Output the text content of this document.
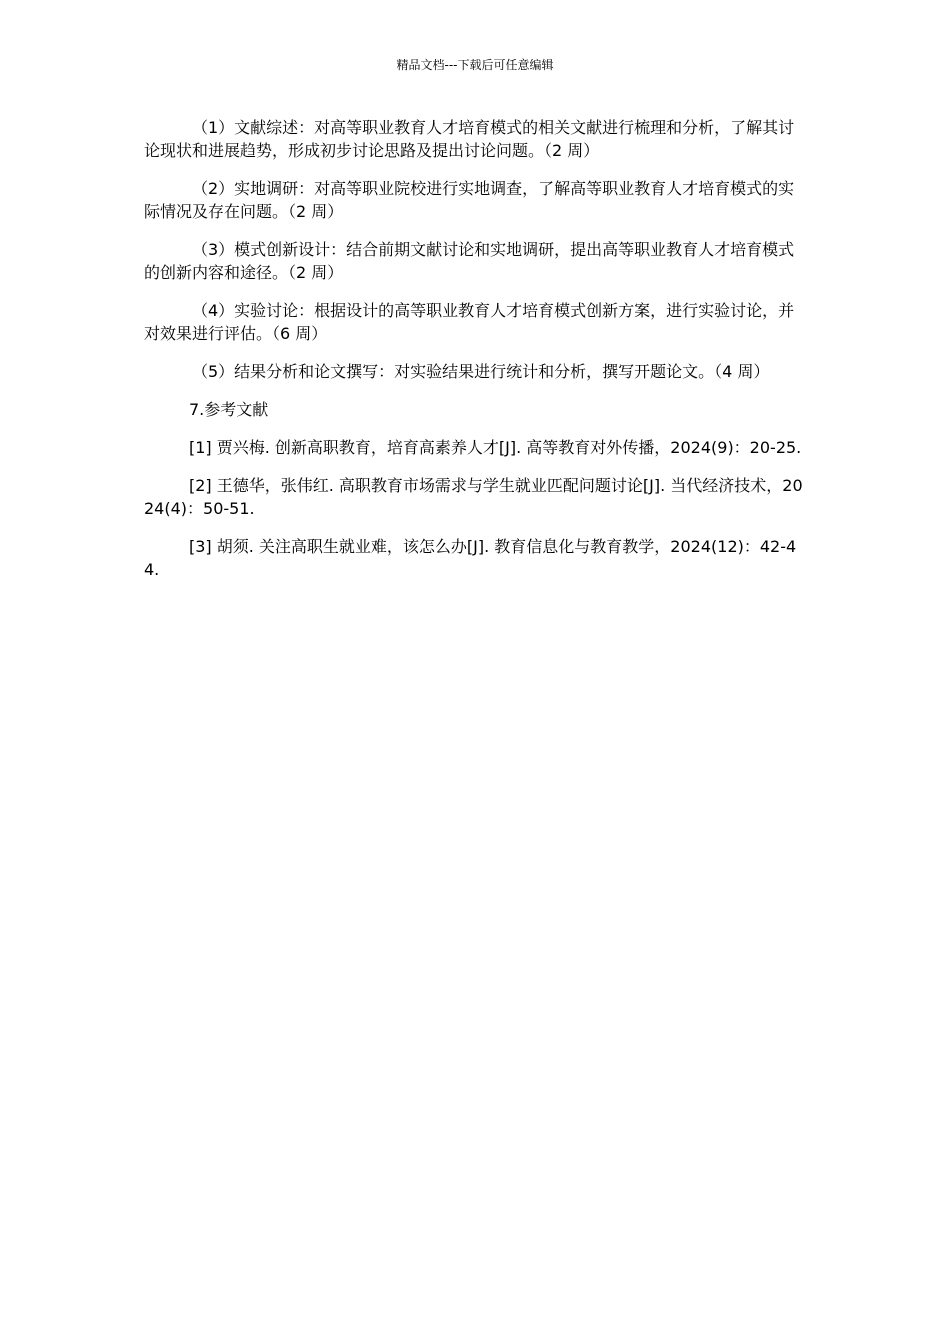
精品文档---下载后可任意编辑

（1）文献综述：对高等职业教育人才培育模式的相关文献进行梳理和分析，了解其讨论现状和进展趋势，形成初步讨论思路及提出讨论问题。（2 周）

（2）实地调研：对高等职业院校进行实地调查，了解高等职业教育人才培育模式的实际情况及存在问题。（2 周）

（3）模式创新设计：结合前期文献讨论和实地调研，提出高等职业教育人才培育模式的创新内容和途径。（2 周）

（4）实验讨论：根据设计的高等职业教育人才培育模式创新方案，进行实验讨论，并对效果进行评估。（6 周）

（5）结果分析和论文撰写：对实验结果进行统计和分析，撰写开题论文。（4 周）

7.参考文献

[1] 贾兴梅. 创新高职教育，培育高素养人才[J]. 高等教育对外传播，2024(9)：20-25.

[2] 王德华，张伟红. 高职教育市场需求与学生就业匹配问题讨论[J]. 当代经济技术，2024(4)：50-51.

[3] 胡须. 关注高职生就业难，该怎么办[J]. 教育信息化与教育教学，2024(12)：42-44.
